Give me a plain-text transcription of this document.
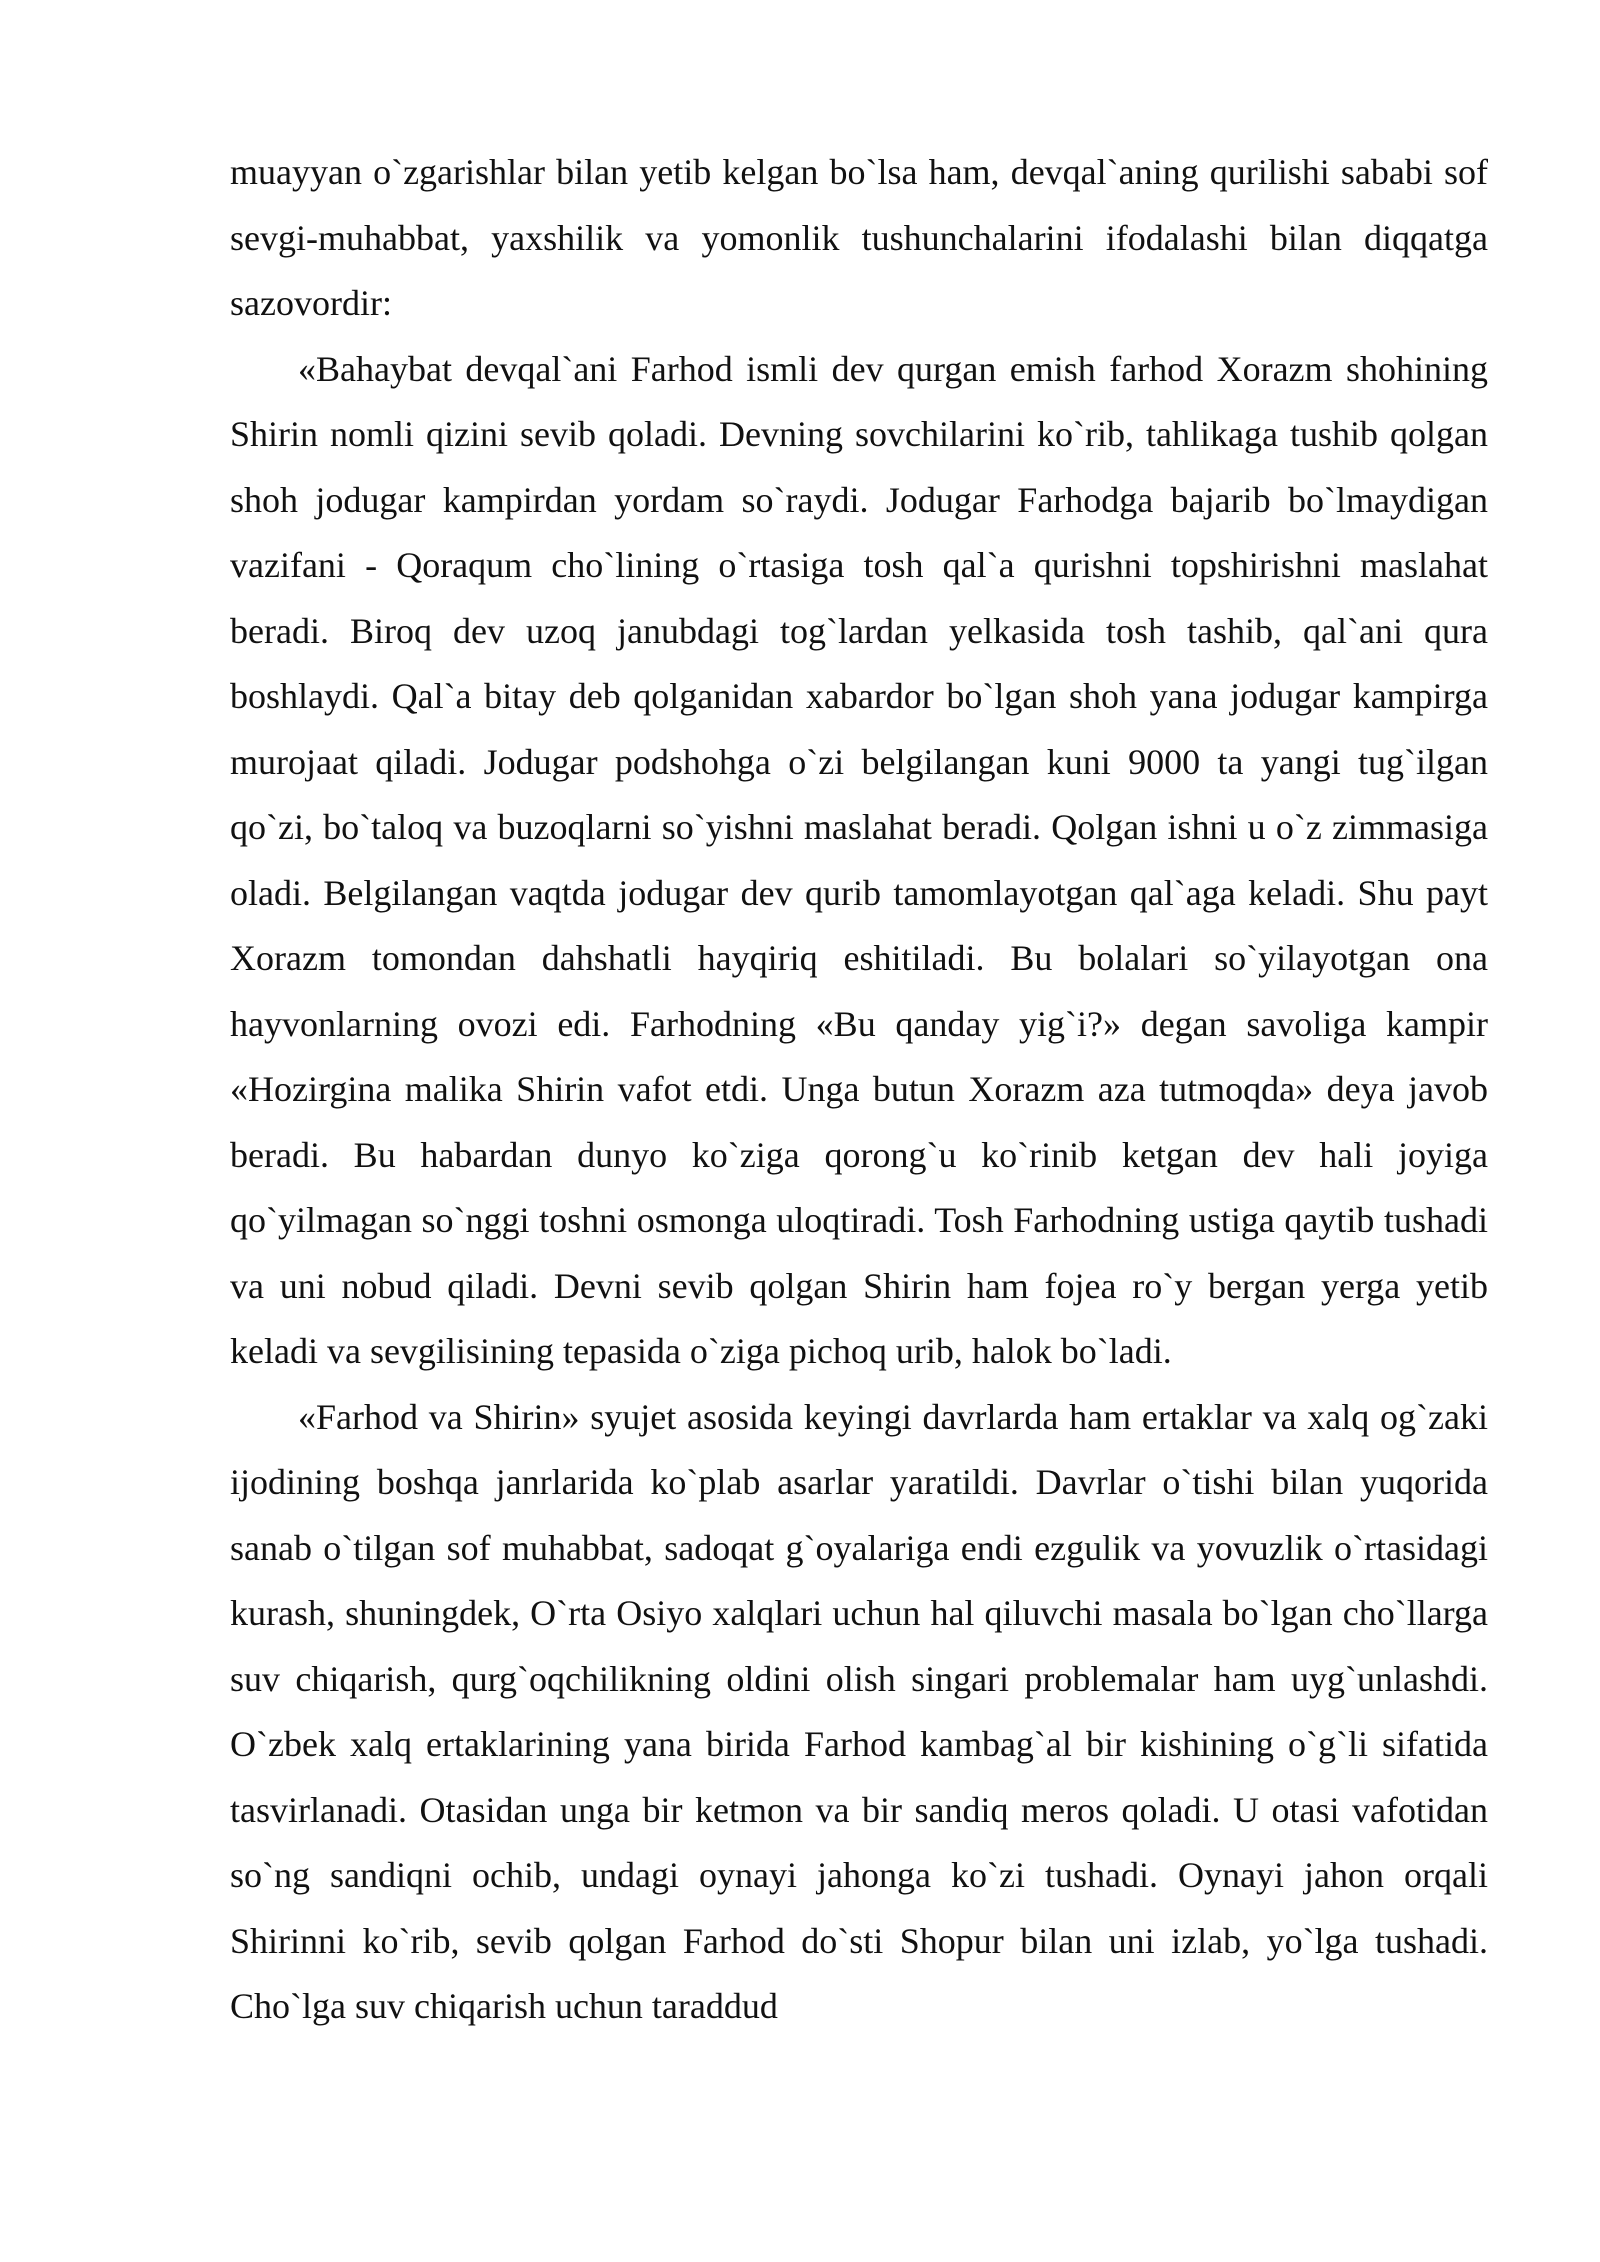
muayyan o`zgarishlar bilan yetib kelgan bo`lsa ham, devqal`aning qurilishi sababi sof sevgi-muhabbat, yaxshilik va yomonlik tushunchalarini ifodalashi bilan diqqatga sazovordir:

«Bahaybat devqal`ani Farhod ismli dev qurgan emish farhod Xorazm shohining Shirin nomli qizini sevib qoladi. Devning sovchilarini ko`rib, tahlikaga tushib qolgan shoh jodugar kampirdan yordam so`raydi. Jodugar Farhodga bajarib bo`lmaydigan vazifani - Qoraqum cho`lining o`rtasiga tosh qal`a qurishni topshirishni maslahat beradi. Biroq dev uzoq janubdagi tog`lardan yelkasida tosh tashib, qal`ani qura boshlaydi. Qal`a bitay deb qolganidan xabardor bo`lgan shoh yana jodugar kampirga murojaat qiladi. Jodugar podshohga o`zi belgilangan kuni 9000 ta yangi tug`ilgan qo`zi, bo`taloq va buzoqlarni so`yishni maslahat beradi. Qolgan ishni u o`z zimmasiga oladi. Belgilangan vaqtda jodugar dev qurib tamomlayotgan qal`aga keladi. Shu payt Xorazm tomondan dahshatli hayqiriq eshitiladi. Bu bolalari so`yilayotgan ona hayvonlarning ovozi edi. Farhodning «Bu qanday yig`i?» degan savoliga kampir «Hozirgina malika Shirin vafot etdi. Unga butun Xorazm aza tutmoqda» deya javob beradi. Bu habardan dunyo ko`ziga qorong`u ko`rinib ketgan dev hali joyiga qo`yilmagan so`nggi toshni osmonga uloqtiradi. Tosh Farhodning ustiga qaytib tushadi va uni nobud qiladi. Devni sevib qolgan Shirin ham fojea ro`y bergan yerga yetib keladi va sevgilisining tepasida o`ziga pichoq urib, halok bo`ladi.

«Farhod va Shirin» syujet asosida keyingi davrlarda ham ertaklar va xalq og`zaki ijodining boshqa janrlarida ko`plab asarlar yaratildi. Davrlar o`tishi bilan yuqorida sanab o`tilgan sof muhabbat, sadoqat g`oyalariga endi ezgulik va yovuzlik o`rtasidagi kurash, shuningdek, O`rta Osiyo xalqlari uchun hal qiluvchi masala bo`lgan cho`llarga suv chiqarish, qurg`oqchilikning oldini olish singari problemalar ham uyg`unlashdi. O`zbek xalq ertaklarining yana birida Farhod kambag`al bir kishining o`g`li sifatida tasvirlanadi. Otasidan unga bir ketmon va bir sandiq meros qoladi. U otasi vafotidan so`ng sandiqni ochib, undagi oynayi jahonga ko`zi tushadi. Oynayi jahon orqali Shirinni ko`rib, sevib qolgan Farhod do`sti Shopur bilan uni izlab, yo`lga tushadi. Cho`lga suv chiqarish uchun taraddud
